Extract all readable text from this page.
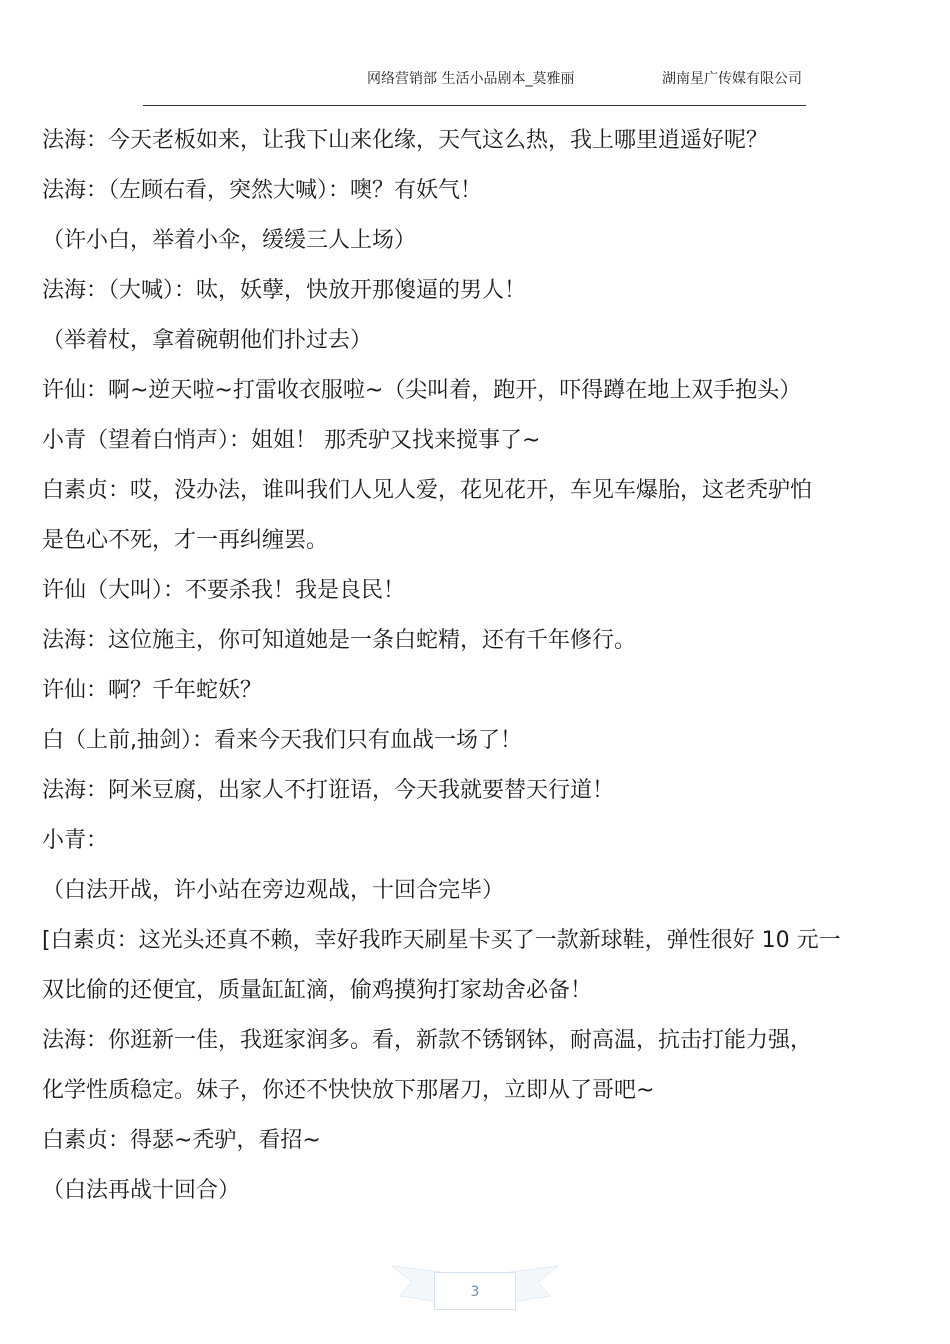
网络营销部 生活小品剧本_莫雅丽	湖南星广传媒有限公司
法海：今天老板如来，让我下山来化缘，天气这么热，我上哪里逍遥好呢？
法海：（左顾右看，突然大喊）：噢？有妖气！
（许小白，举着小伞，缓缓三人上场）
法海：（大喊）：呔，妖孽，快放开那傻逼的男人！
（举着杖，拿着碗朝他们扑过去）
许仙：啊~逆天啦~打雷收衣服啦~（尖叫着，跑开，吓得蹲在地上双手抱头）
小青（望着白悄声）：姐姐！ 那秃驴又找来搅事了~
白素贞：哎，没办法，谁叫我们人见人爱，花见花开，车见车爆胎，这老秃驴怕
是色心不死，才一再纠缠罢。
许仙（大叫）：不要杀我！我是良民！
法海：这位施主，你可知道她是一条白蛇精，还有千年修行。
许仙：啊？千年蛇妖？
白（上前,抽剑）：看来今天我们只有血战一场了！
法海：阿米豆腐，出家人不打诳语，今天我就要替天行道！
小青：
（白法开战，许小站在旁边观战，十回合完毕）
[白素贞：这光头还真不赖，幸好我昨天刷星卡买了一款新球鞋，弹性很好 10 元一
双比偷的还便宜，质量缸缸滴，偷鸡摸狗打家劫舍必备！
法海：你逛新一佳，我逛家润多。看，新款不锈钢钵，耐高温，抗击打能力强，
化学性质稳定。妹子，你还不快快放下那屠刀，立即从了哥吧~
白素贞：得瑟~秃驴，看招~
（白法再战十回合）
3
